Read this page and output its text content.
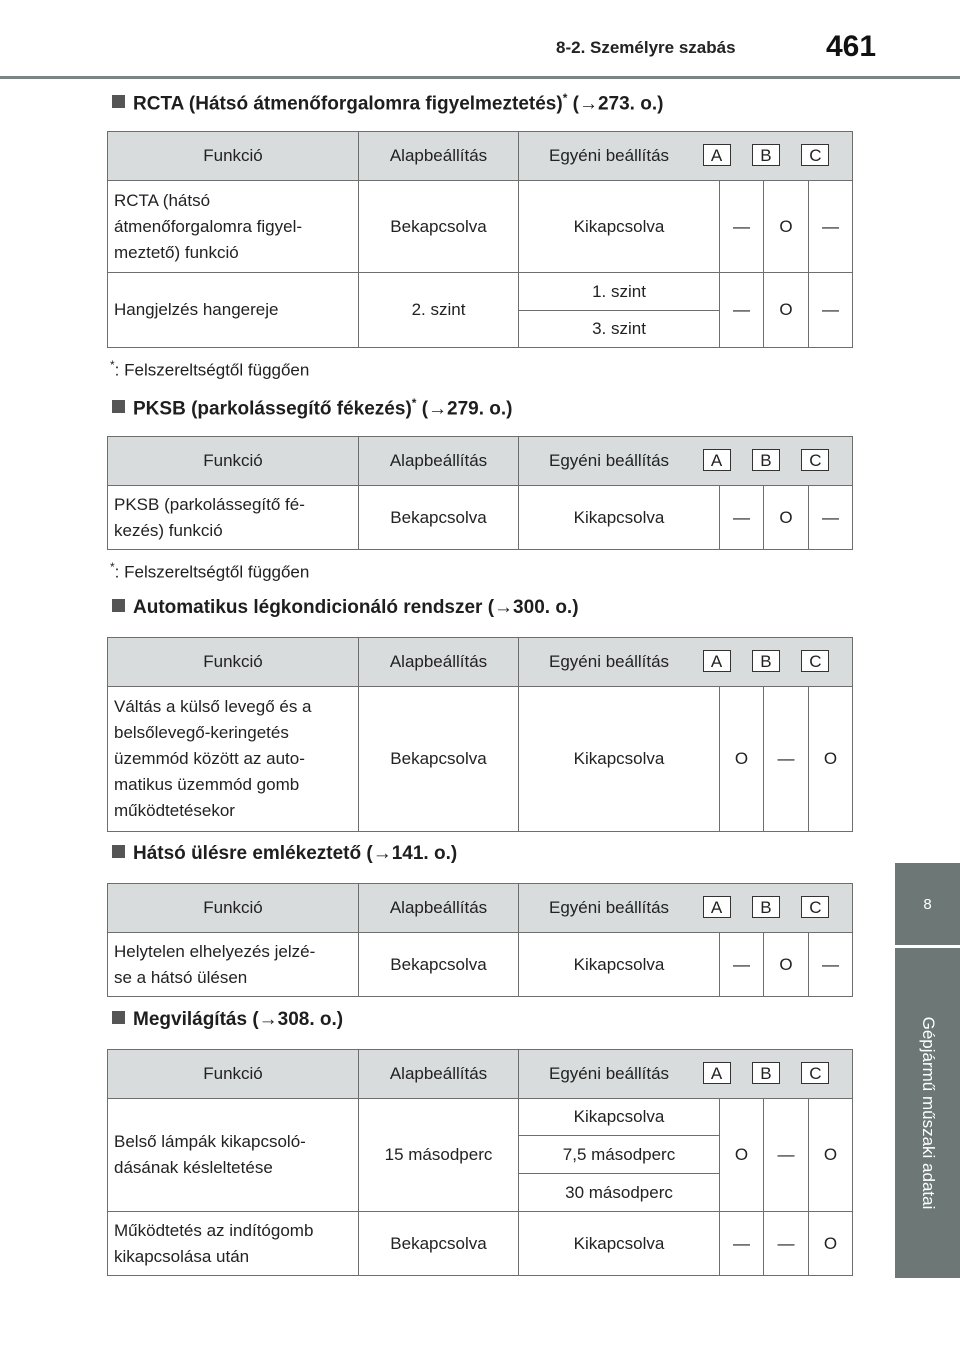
8-2. Személyre szabás	461
8
Gépjármű műszaki adatai
RCTA (Hátsó átmenőforgalomra figyelmeztetés)* (→273. o.)
Funkció	Alapbeállítás	Egyéni beállítás A B C			

RCTA (hátsó
átmenőforgalomra figyel-
meztető) funkció	Bekapcsolva	Kikapcsolva	—	O	—
Hangjelzés hangereje	2. szint	1. szint	—	O	—
		3. szint			
*: Felszereltségtől függően
PKSB (parkolássegítő fékezés)* (→279. o.)
Funkció	Alapbeállítás	Egyéni beállítás A B C			

PKSB (parkolássegítő fé-
kezés) funkció	Bekapcsolva	Kikapcsolva	—	O	—
*: Felszereltségtől függően
Automatikus légkondicionáló rendszer (→300. o.)
Funkció	Alapbeállítás	Egyéni beállítás A B C			

Váltás a külső levegő és a
belsőlevegő-keringetés
üzemmód között az auto-
matikus üzemmód gomb
működtetésekor	Bekapcsolva	Kikapcsolva	O	—	O
Hátsó ülésre emlékeztető (→141. o.)
Funkció	Alapbeállítás	Egyéni beállítás A B C			

Helytelen elhelyezés jelzé-
se a hátsó ülésen	Bekapcsolva	Kikapcsolva	—	O	—
Megvilágítás (→308. o.)
Funkció	Alapbeállítás	Egyéni beállítás A B C			

Belső lámpák kikapcsoló-
dásának késleltetése	15 másodperc	Kikapcsolva	O	—	O
		7,5 másodperc			
		30 másodperc			

Működtetés az indítógomb
kikapcsolása után	Bekapcsolva	Kikapcsolva	—	—	O
